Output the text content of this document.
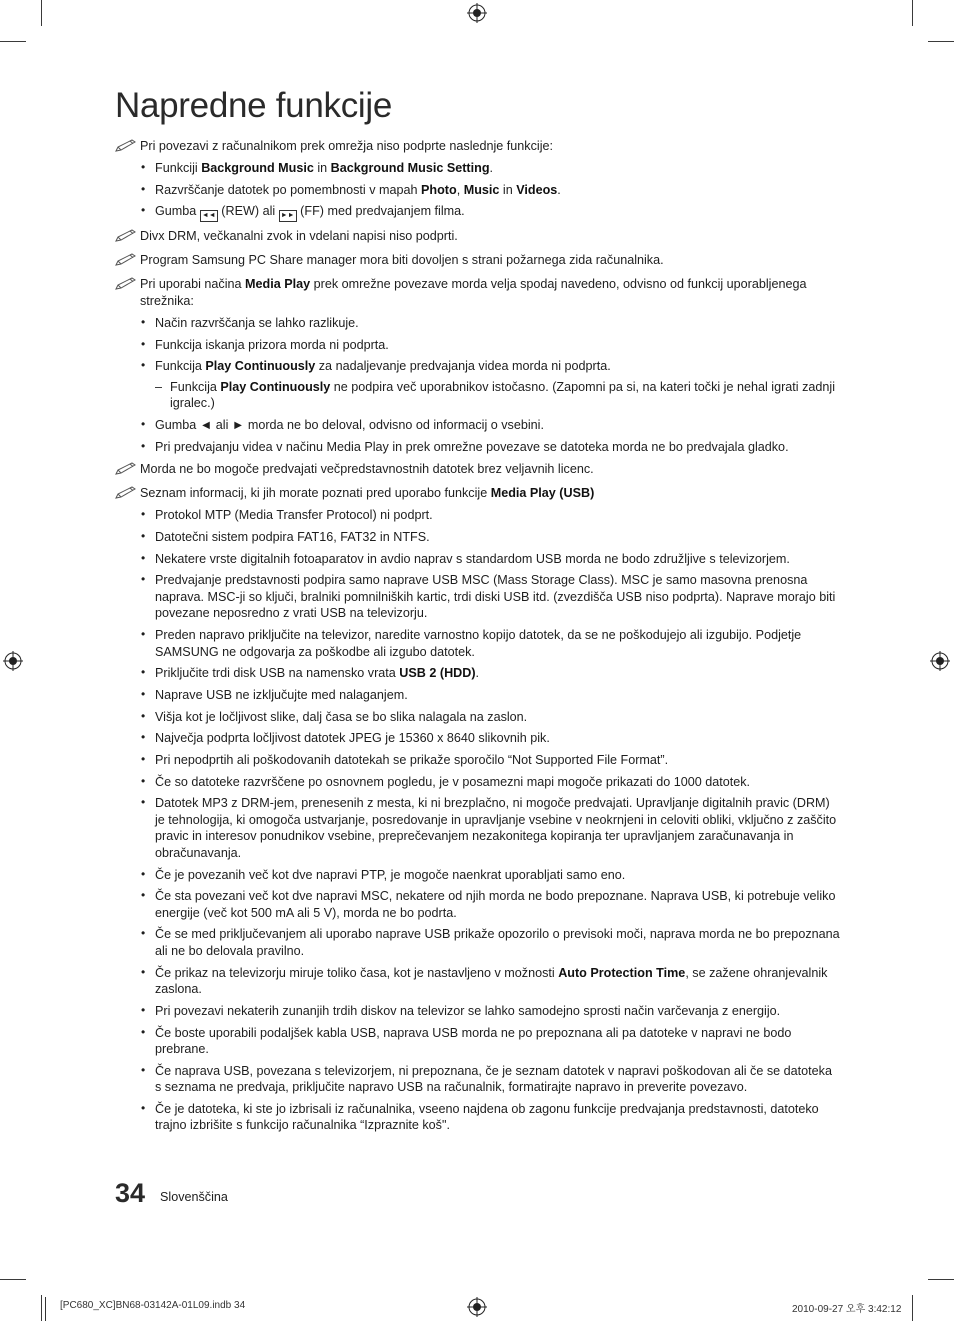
Napredne funkcije
Pri povezavi z računalnikom prek omrežja niso podprte naslednje funkcije:
• Funkciji Background Music in Background Music Setting.
• Razvrščanje datotek po pomembnosti v mapah Photo, Music in Videos.
• Gumba ◄◄ (REW) ali ►► (FF) med predvajanjem filma.
Divx DRM, večkanalni zvok in vdelani napisi niso podprti.
Program Samsung PC Share manager mora biti dovoljen s strani požarnega zida računalnika.
Pri uporabi načina Media Play prek omrežne povezave morda velja spodaj navedeno, odvisno od funkcij uporabljenega strežnika:
• Način razvrščanja se lahko razlikuje.
• Funkcija iskanja prizora morda ni podprta.
• Funkcija Play Continuously za nadaljevanje predvajanja videa morda ni podprta.
– Funkcija Play Continuously ne podpira več uporabnikov istočasno. (Zapomni pa si, na kateri točki je nehal igrati zadnji igralec.)
• Gumba ◄ ali ► morda ne bo deloval, odvisno od informacij o vsebini.
• Pri predvajanju videa v načinu Media Play in prek omrežne povezave se datoteka morda ne bo predvajala gladko.
Morda ne bo mogoče predvajati večpredstavnostnih datotek brez veljavnih licenc.
Seznam informacij, ki jih morate poznati pred uporabo funkcije Media Play (USB)
• Protokol MTP (Media Transfer Protocol) ni podprt.
• Datotečni sistem podpira FAT16, FAT32 in NTFS.
• Nekatere vrste digitalnih fotoaparatov in avdio naprav s standardom USB morda ne bodo združljive s televizorjem.
• Predvajanje predstavnosti podpira samo naprave USB MSC (Mass Storage Class). MSC je samo masovna prenosna naprava. MSC-ji so ključi, bralniki pomnilniških kartic, trdi diski USB itd. (zvezdišča USB niso podprta). Naprave morajo biti povezane neposredno z vrati USB na televizorju.
• Preden napravo priključite na televizor, naredite varnostno kopijo datotek, da se ne poškodujejo ali izgubijo. Podjetje SAMSUNG ne odgovarja za poškodbe ali izgubo datotek.
• Priključite trdi disk USB na namensko vrata USB 2 (HDD).
• Naprave USB ne izključujte med nalaganjem.
• Višja kot je ločljivost slike, dalj časa se bo slika nalagala na zaslon.
• Največja podprta ločljivost datotek JPEG je 15360 x 8640 slikovnih pik.
• Pri nepodprtih ali poškodovanih datotekah se prikaže sporočilo “Not Supported File Format”.
• Če so datoteke razvrščene po osnovnem pogledu, je v posamezni mapi mogoče prikazati do 1000 datotek.
• Datotek MP3 z DRM-jem, prenesenih z mesta, ki ni brezplačno, ni mogoče predvajati. Upravljanje digitalnih pravic (DRM) je tehnologija, ki omogoča ustvarjanje, posredovanje in upravljanje vsebine v neokrnjeni in celoviti obliki, vključno z zaščito pravic in interesov ponudnikov vsebine, preprečevanjem nezakonitega kopiranja ter upravljanjem zaračunavanja in obračunavanja.
• Če je povezanih več kot dve napravi PTP, je mogoče naenkrat uporabljati samo eno.
• Če sta povezani več kot dve napravi MSC, nekatere od njih morda ne bodo prepoznane. Naprava USB, ki potrebuje veliko energije (več kot 500 mA ali 5 V), morda ne bo podrta.
• Če se med priključevanjem ali uporabo naprave USB prikaže opozorilo o previsoki moči, naprava morda ne bo prepoznana ali ne bo delovala pravilno.
• Če prikaz na televizorju miruje toliko časa, kot je nastavljeno v možnosti Auto Protection Time, se zažene ohranjevalnik zaslona.
• Pri povezavi nekaterih zunanjih trdih diskov na televizor se lahko samodejno sprosti način varčevanja z energijo.
• Če boste uporabili podaljšek kabla USB, naprava USB morda ne po prepoznana ali pa datoteke v napravi ne bodo prebrane.
• Če naprava USB, povezana s televizorjem, ni prepoznana, če je seznam datotek v napravi poškodovan ali če se datoteka s seznama ne predvaja, priključite napravo USB na računalnik, formatirajte napravo in preverite povezavo.
• Če je datoteka, ki ste jo izbrisali iz računalnika, vseeno najdena ob zagonu funkcije predvajanja predstavnosti, datoteko trajno izbrišite s funkcijo računalnika “Izpraznite koš".
34 Slovenščina
[PC680_XC]BN68-03142A-01L09.indb 34	2010-09-27 오후 3:42:12
